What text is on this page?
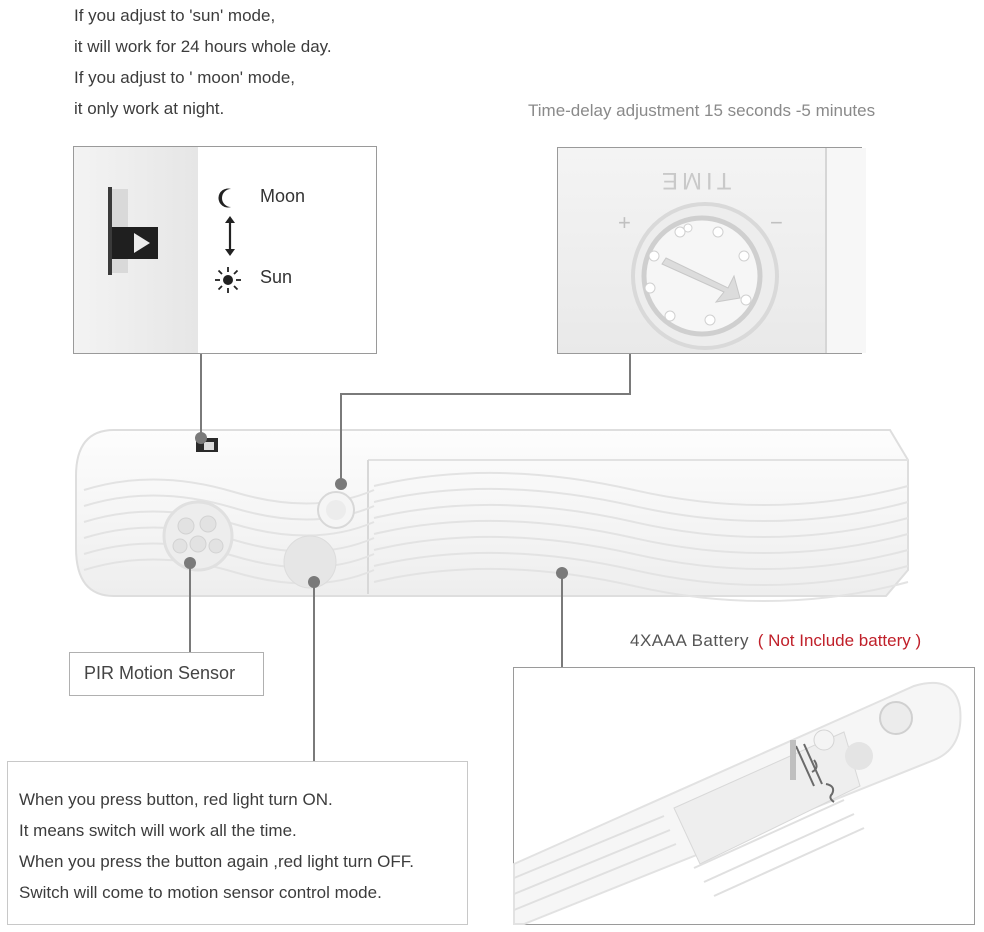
If you adjust to 'sun' mode,
it will work for 24 hours whole day.
If you adjust to ' moon' mode,
it only work at night.	Time-delay adjustment 15 seconds -5 minutes
Moon
Sun
TIME
+	−
PIR Motion Sensor
4XAAA Battery ( Not Include battery )
When you press button, red light turn ON.
It means switch will work all the time.
When you press the button again ,red light turn OFF.
Switch will come to motion sensor control mode.
